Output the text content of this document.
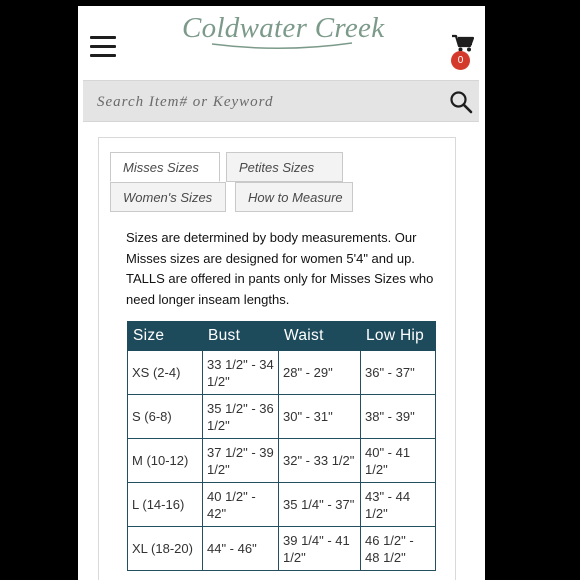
Coldwater Creek
0
Search Item# or Keyword
Misses Sizes	Petites Sizes
Women's Sizes	How to Measure

Sizes are determined by body measurements. Our Misses sizes are designed for women 5'4" and up. TALLS are offered in pants only for Misses Sizes who need longer inseam lengths.

Size	Bust	Waist	Low Hip
XS (2-4)	33 1/2" - 34 1/2"	28" - 29"	36" - 37"
S (6-8)	35 1/2" - 36 1/2"	30" - 31"	38" - 39"
M (10-12)	37 1/2" - 39 1/2"	32" - 33 1/2"	40" - 41 1/2"
L (14-16)	40 1/2" - 42"	35 1/4" - 37"	43" - 44 1/2"
XL (18-20)	44" - 46"	39 1/4" - 41 1/2"	46 1/2" - 48 1/2"
